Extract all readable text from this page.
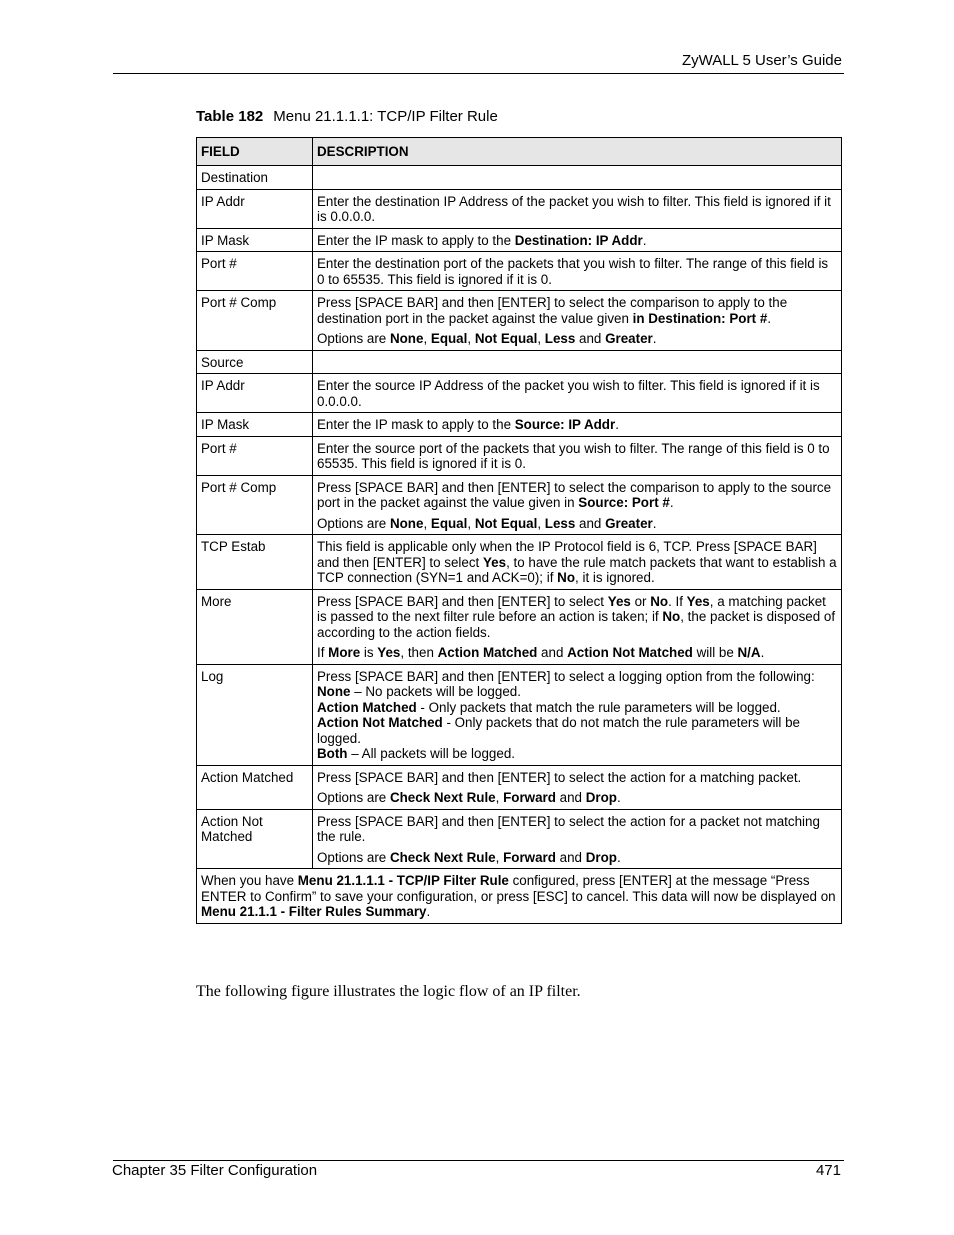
ZyWALL 5 User’s Guide
Table 182 Menu 21.1.1.1: TCP/IP Filter Rule
FIELD	DESCRIPTION
Destination	
IP Addr	Enter the destination IP Address of the packet you wish to filter. This field is ignored if it is 0.0.0.0.

IP Mask	Enter the IP mask to apply to the Destination: IP Addr.

Port #	Enter the destination port of the packets that you wish to filter. The range of this field is 0 to 65535. This field is ignored if it is 0.

Port # Comp	Press [SPACE BAR] and then [ENTER] to select the comparison to apply to the destination port in the packet against the value given in Destination: Port #.

Options are None, Equal, Not Equal, Less and Greater.

Source	
IP Addr	Enter the source IP Address of the packet you wish to filter. This field is ignored if it is 0.0.0.0.

IP Mask	Enter the IP mask to apply to the Source: IP Addr.

Port #	Enter the source port of the packets that you wish to filter. The range of this field is 0 to 65535. This field is ignored if it is 0.

Port # Comp	Press [SPACE BAR] and then [ENTER] to select the comparison to apply to the source port in the packet against the value given in Source: Port #.

Options are None, Equal, Not Equal, Less and Greater.

TCP Estab	This field is applicable only when the IP Protocol field is 6, TCP. Press [SPACE BAR] and then [ENTER] to select Yes, to have the rule match packets that want to establish a TCP connection (SYN=1 and ACK=0); if No, it is ignored.

More	Press [SPACE BAR] and then [ENTER] to select Yes or No. If Yes, a matching packet is passed to the next filter rule before an action is taken; if No, the packet is disposed of according to the action fields.

If More is Yes, then Action Matched and Action Not Matched will be N/A.

Log	Press [SPACE BAR] and then [ENTER] to select a logging option from the following:

None – No packets will be logged.

Action Matched - Only packets that match the rule parameters will be logged.

Action Not Matched - Only packets that do not match the rule parameters will be logged.

Both – All packets will be logged.

Action Matched	Press [SPACE BAR] and then [ENTER] to select the action for a matching packet.

Options are Check Next Rule, Forward and Drop.

Action Not Matched	Press [SPACE BAR] and then [ENTER] to select the action for a packet not matching the rule.

Options are Check Next Rule, Forward and Drop.

When you have Menu 21.1.1.1 - TCP/IP Filter Rule configured, press [ENTER] at the message “Press ENTER to Confirm” to save your configuration, or press [ESC] to cancel. This data will now be displayed on Menu 21.1.1 - Filter Rules Summary.	
The following figure illustrates the logic flow of an IP filter.
Chapter 35 Filter Configuration	471
